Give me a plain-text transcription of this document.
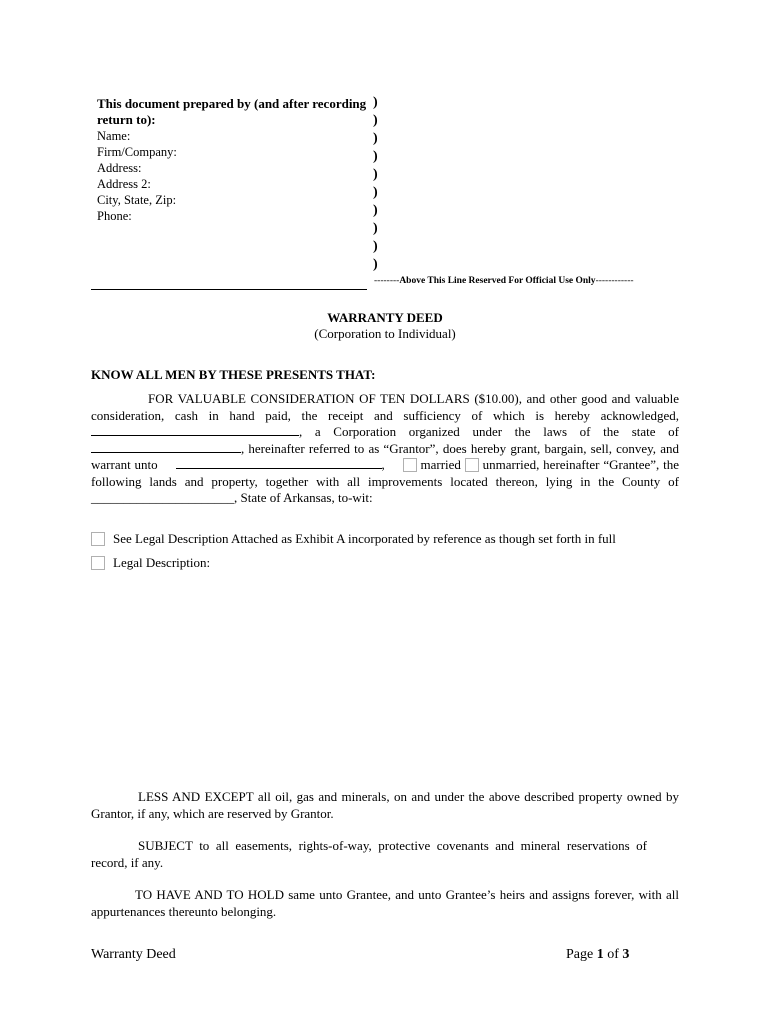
This document prepared by (and after recording
return to):
Name:
Firm/Company:
Address:
Address 2:
City, State, Zip:
Phone:
)
)
)
)
)
)
)
)
)
)
--------Above This Line Reserved For Official Use Only------------
WARRANTY DEED
(Corporation to Individual)
KNOW ALL MEN BY THESE PRESENTS THAT:
FOR VALUABLE CONSIDERATION OF TEN DOLLARS ($10.00), and other good and valuable consideration, cash in hand paid, the receipt and sufficiency of which is hereby acknowledged, , a Corporation organized under the laws of the state of , hereinafter referred to as “Grantor”, does hereby grant, bargain, sell, convey, and warrant unto	,	married unmarried, hereinafter “Grantee”, the following lands and property, together with all improvements located thereon, lying in the County of ______________________, State of Arkansas, to-wit:
See Legal Description Attached as Exhibit A incorporated by reference as though set forth in full
Legal Description:
LESS AND EXCEPT all oil, gas and minerals, on and under the above described property owned by Grantor, if any, which are reserved by Grantor.
SUBJECT to all easements, rights-of-way, protective covenants and mineral reservations of record, if any.
TO HAVE AND TO HOLD same unto Grantee, and unto Grantee’s heirs and assigns forever, with all appurtenances thereunto belonging.
Warranty Deed	Page 1 of 3
